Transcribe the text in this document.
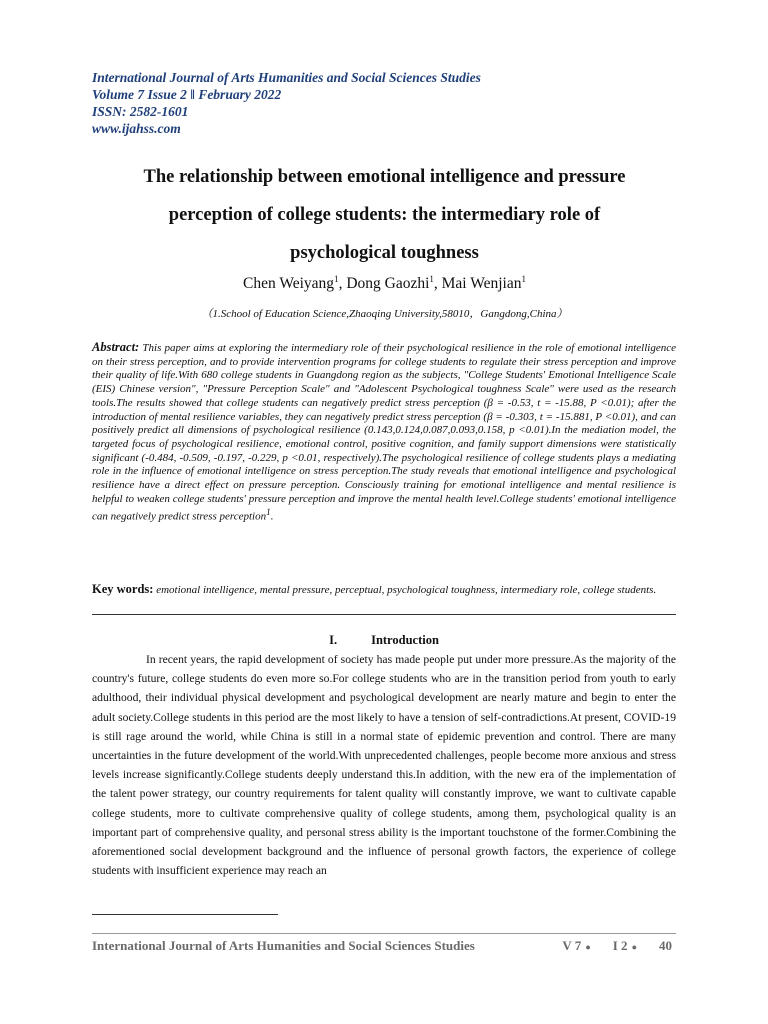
International Journal of Arts Humanities and Social Sciences Studies
Volume 7 Issue 2 ǁ February 2022
ISSN: 2582-1601
www.ijahss.com
The relationship between emotional intelligence and pressure
perception of college students: the intermediary role of
psychological toughness
Chen Weiyang$^1$, Dong Gaozhi$^1$, Mai Wenjian$^1$
（1.School of Education Science,Zhaoqing University,58010，Gangdong,China）

Abstract: This paper aims at exploring the intermediary role of their psychological resilience in the role of emotional intelligence on their stress perception, and to provide intervention programs for college students to regulate their stress perception and improve their quality of life.With 680 college students in Guangdong region as the subjects, "College Students' Emotional Intelligence Scale (EIS) Chinese version", "Pressure Perception Scale" and "Adolescent Psychological toughness Scale" were used as the research tools.The results showed that college students can negatively predict stress perception (β = -0.53, t = -15.88, P <0.01); after the introduction of mental resilience variables, they can negatively predict stress perception (β = -0.303, t = -15.881, P <0.01), and can positively predict all dimensions of psychological resilience (0.143,0.124,0.087,0.093,0.158, p <0.01).In the mediation model, the targeted focus of psychological resilience, emotional control, positive cognition, and family support dimensions were statistically significant (-0.484, -0.509, -0.197, -0.229, p <0.01, respectively).The psychological resilience of college students plays a mediating role in the influence of emotional intelligence on stress perception.The study reveals that emotional intelligence and psychological resilience have a direct effect on pressure perception. Consciously training for emotional intelligence and mental resilience is helpful to weaken college students' pressure perception and improve the mental health level.College students' emotional intelligence can negatively predict stress perception$^1$.

Key words: emotional intelligence, mental pressure, perceptual, psychological toughness, intermediary role, college students.

I.	Introduction

In recent years, the rapid development of society has made people put under more pressure.As the majority of the country's future, college students do even more so.For college students who are in the transition period from youth to early adulthood, their individual physical development and psychological development are nearly mature and begin to enter the adult society.College students in this period are the most likely to have a tension of self-contradictions.At present, COVID-19 is still rage around the world, while China is still in a normal state of epidemic prevention and control. There are many uncertainties in the future development of the world.With unprecedented challenges, people become more anxious and stress levels increase significantly.College students deeply understand this.In addition, with the new era of the implementation of the talent power strategy, our country requirements for talent quality will constantly improve, we want to cultivate capable college students, more to cultivate comprehensive quality of college students, among them, psychological quality is an important part of comprehensive quality, and personal stress ability is the important touchstone of the former.Combining the aforementioned social development background and the influence of personal growth factors, the experience of college students with insufficient experience may reach an

International Journal of Arts Humanities and Social Sciences Studies	V 7 ● I 2 ● 40
